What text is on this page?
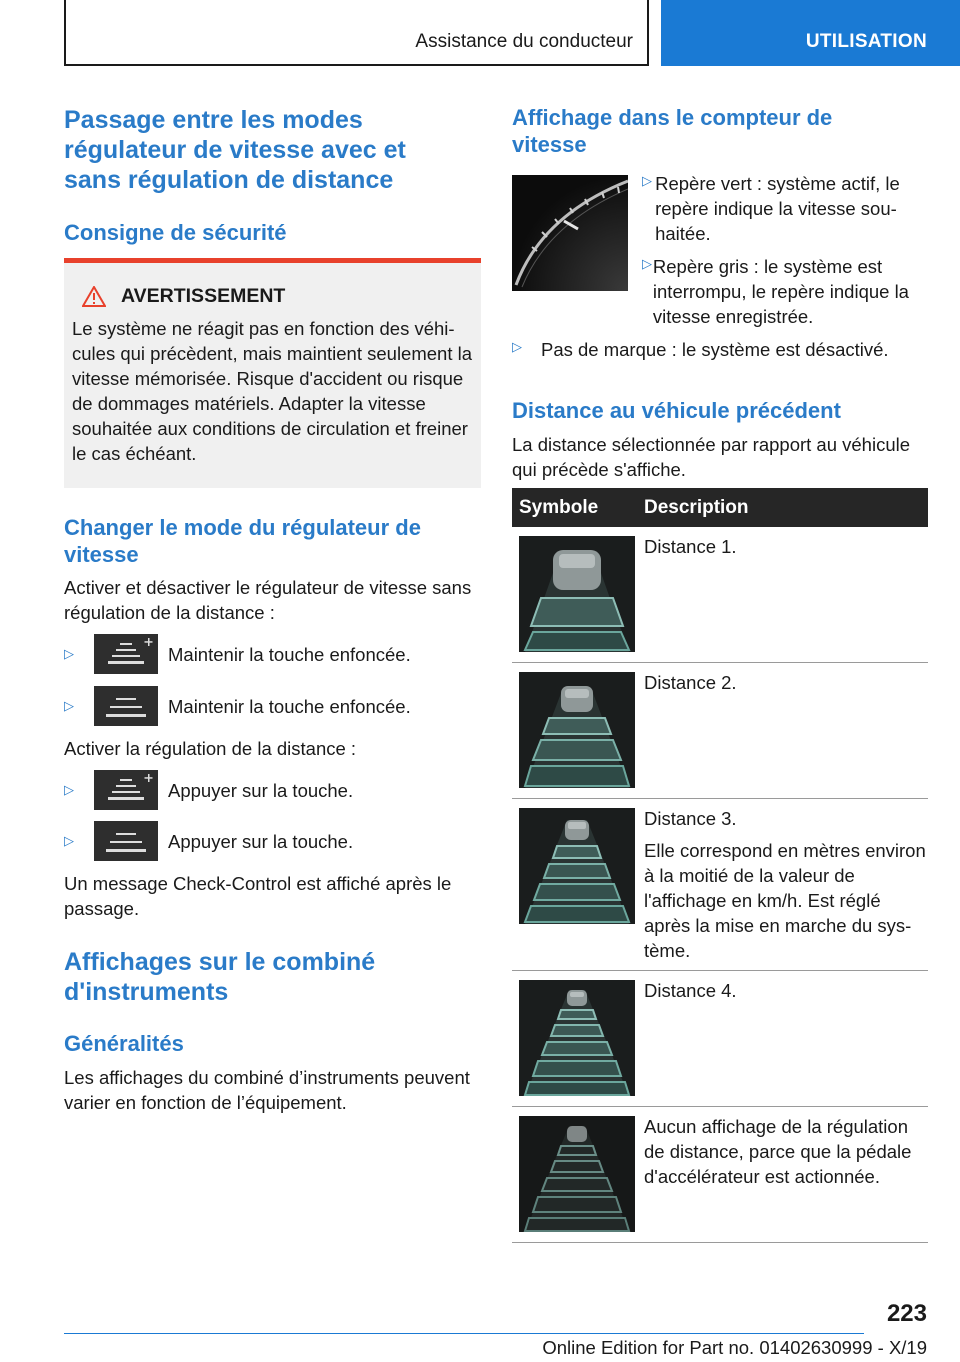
Assistance du conducteur	UTILISATION
Passage entre les modes régulateur de vitesse avec et sans régulation de distance
Consigne de sécurité
AVERTISSEMENT
Le système ne réagit pas en fonction des véhicules qui précèdent, mais maintient seulement la vitesse mémorisée. Risque d'accident ou risque de dommages matériels. Adapter la vitesse souhaitée aux conditions de circulation et freiner le cas échéant.
Changer le mode du régulateur de vitesse
Activer et désactiver le régulateur de vitesse sans régulation de la distance :
▷	Maintenir la touche enfoncée.
▷	Maintenir la touche enfoncée.
Activer la régulation de la distance :
▷	Appuyer sur la touche.
▷	Appuyer sur la touche.
Un message Check-Control est affiché après le passage.
Affichages sur le combiné d'instruments
Généralités
Les affichages du combiné d’instruments peuvent varier en fonction de l’équipement.
Affichage dans le compteur de vitesse
▷ Repère vert : système actif, le repère indique la vitesse souhaitée.
▷ Repère gris : le système est interrompu, le repère indique la vitesse enregistrée.
▷	Pas de marque : le système est désactivé.
Distance au véhicule précédent
La distance sélectionnée par rapport au véhicule qui précède s'affiche.
Symbole	Description
Distance 1.
Distance 2.
Distance 3.
Elle correspond en mètres environ à la moitié de la valeur de l'affichage en km/h. Est réglé après la mise en marche du système.
Distance 4.
Aucun affichage de la régulation de distance, parce que la pédale d'accélérateur est actionnée.
223
Online Edition for Part no. 01402630999 - X/19
